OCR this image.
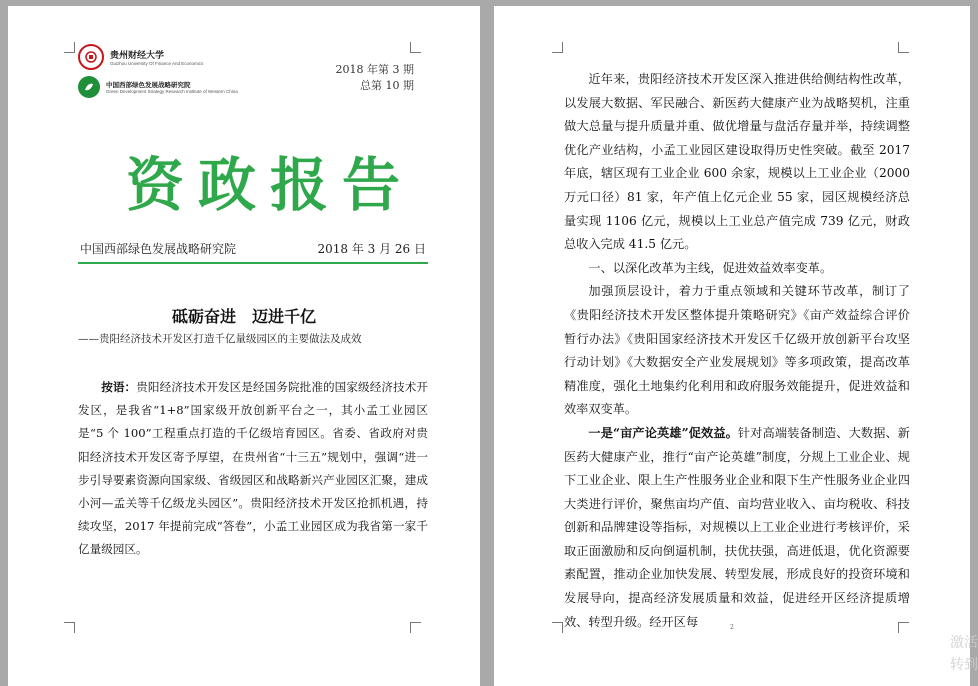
贵州财经大学
Guizhou University Of Finance And Economics
中国西部绿色发展战略研究院
Green Development Strategy Research Institute of Western China
2018 年第 3 期
总第 10 期
资政报告
中国西部绿色发展战略研究院	2018 年 3 月 26 日
砥砺奋进　迈进千亿
——贵阳经济技术开发区打造千亿量级园区的主要做法及成效
按语：贵阳经济技术开发区是经国务院批准的国家级经济技术开发区，是我省“1+8”国家级开放创新平台之一，其小孟工业园区是“5 个 100”工程重点打造的千亿级培育园区。省委、省政府对贵阳经济技术开发区寄予厚望，在贵州省“十三五”规划中，强调“进一步引导要素资源向国家级、省级园区和战略新兴产业园区汇聚，建成小河—孟关等千亿级龙头园区”。贵阳经济技术开发区抢抓机遇，持续攻坚，2017 年提前完成“答卷”，小孟工业园区成为我省第一家千亿量级园区。

近年来，贵阳经济技术开发区深入推进供给侧结构性改革，以发展大数据、军民融合、新医药大健康产业为战略契机，注重做大总量与提升质量并重、做优增量与盘活存量并举，持续调整优化产业结构，小孟工业园区建设取得历史性突破。截至 2017 年底，辖区现有工业企业 600 余家，规模以上工业企业（2000 万元口径）81 家，年产值上亿元企业 55 家，园区规模经济总量实现 1106 亿元，规模以上工业总产值完成 739 亿元，财政总收入完成 41.5 亿元。

一、以深化改革为主线，促进效益效率变革。

加强顶层设计，着力于重点领域和关键环节改革，制订了《贵阳经济技术开发区整体提升策略研究》《亩产效益综合评价暂行办法》《贵阳国家经济技术开发区千亿级开放创新平台攻坚行动计划》《大数据安全产业发展规划》等多项政策，提高改革精准度，强化土地集约化利用和政府服务效能提升，促进效益和效率双变革。

一是“亩产论英雄”促效益。针对高端装备制造、大数据、新医药大健康产业，推行“亩产论英雄”制度，分规上工业企业、规下工业企业、限上生产性服务业企业和限下生产性服务业企业四大类进行评价，聚焦亩均产值、亩均营业收入、亩均税收、科技创新和品牌建设等指标，对规模以上工业企业进行考核评价，采取正面激励和反向倒逼机制，扶优扶强，高进低退，优化资源要素配置，推动企业加快发展、转型发展，形成良好的投资环境和发展导向，提高经济发展质量和效益，促进经开区经济提质增效、转型升级。经开区每	2
激活
转到
